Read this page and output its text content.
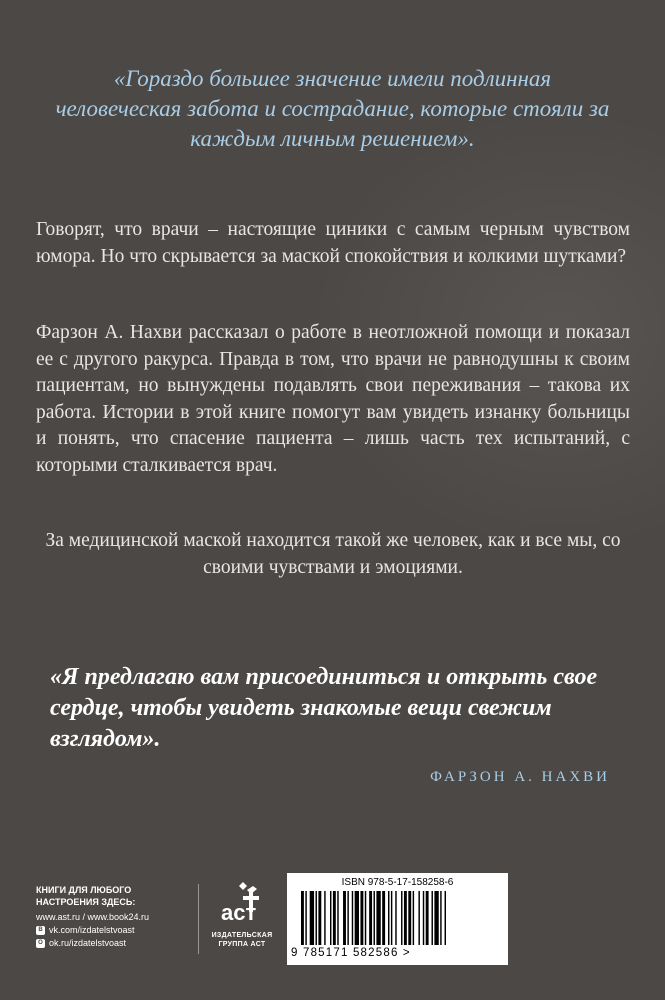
«Гораздо большее значение имели подлинная человеческая забота и сострадание, которые стояли за каждым личным решением».

Говорят, что врачи – настоящие циники с самым черным чувством юмора. Но что скрывается за маской спокойствия и колкими шутками?

Фарзон А. Нахви рассказал о работе в неотложной помощи и показал ее с другого ракурса. Правда в том, что врачи не равнодушны к своим пациентам, но вынуждены подавлять свои переживания – такова их работа. Истории в этой книге помогут вам увидеть изнанку больницы и понять, что спасение пациента – лишь часть тех испытаний, с которыми сталкивается врач.

За медицинской маской находится такой же человек, как и все мы, со своими чувствами и эмоциями.

«Я предлагаю вам присоединиться и открыть свое сердце, чтобы увидеть знакомые вещи свежим взглядом».

ФАРЗОН А. НАХВИ

КНИГИ ДЛЯ ЛЮБОГО НАСТРОЕНИЯ ЗДЕСЬ:

www.ast.ru / www.book24.ru
В vk.com/izdatelstvoast
О ok.ru/izdatelstvoast
аст
ИЗДАТЕЛЬСКАЯ
ГРУППА АСТ
ISBN 978-5-17-158258-6
9 785171 582586 >
